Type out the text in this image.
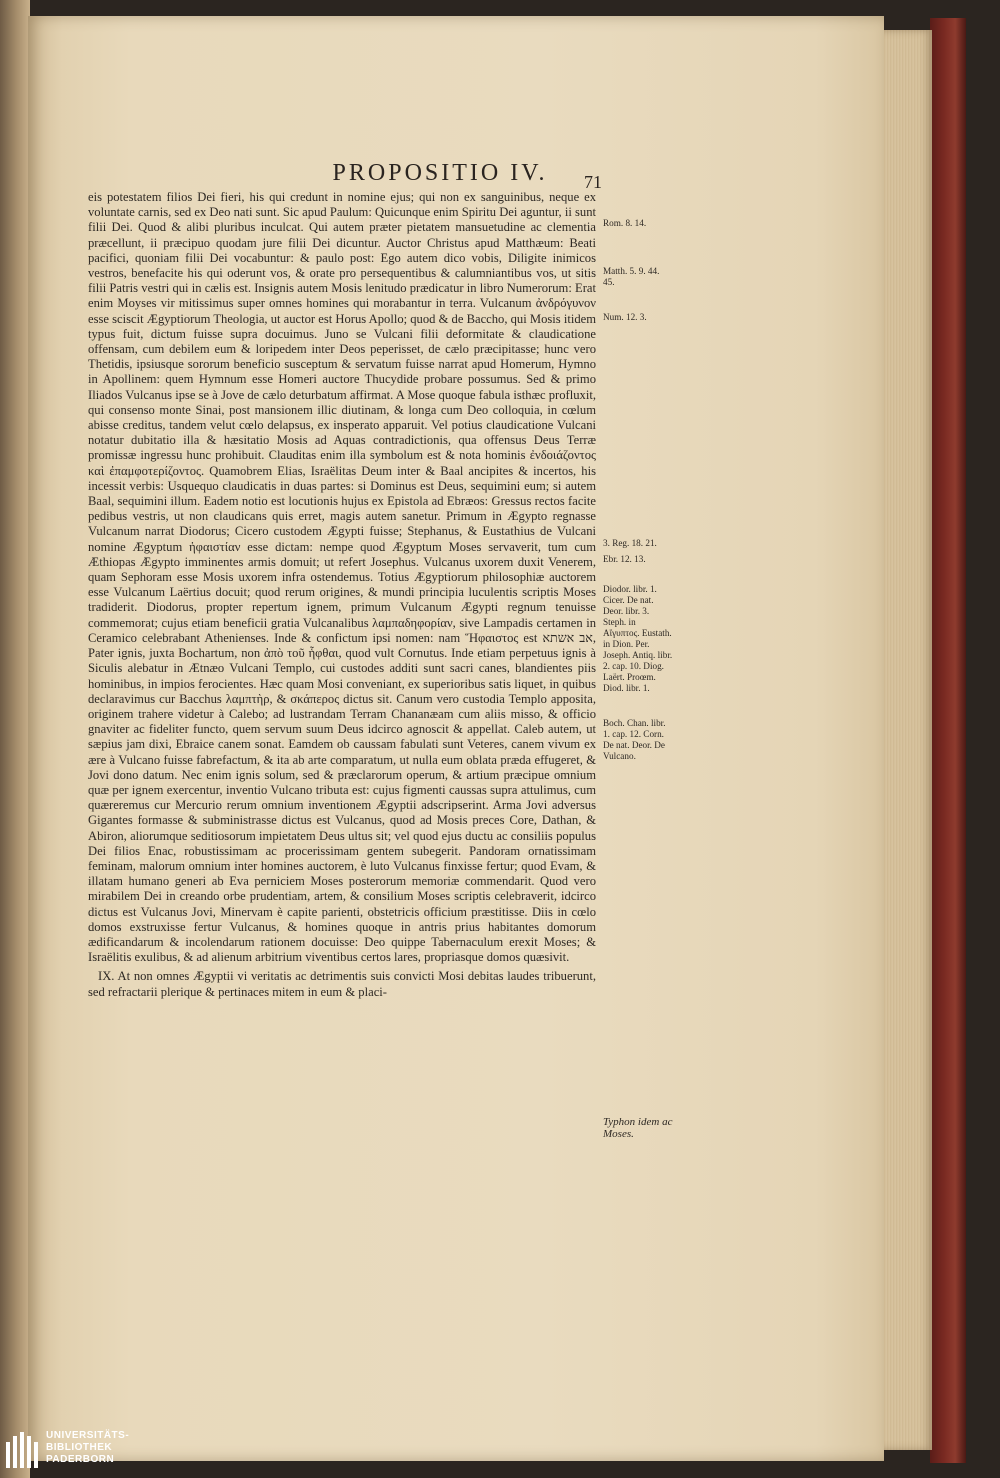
PROPOSITIO IV.	71

eis potestatem filios Dei fieri, his qui credunt in nomine ejus; qui non ex sanguinibus, neque ex voluntate carnis, sed ex Deo nati sunt. Sic apud Paulum: Quicunque enim Spiritu Dei aguntur, ii sunt filii Dei. Quod & alibi pluribus inculcat. Qui autem præter pietatem mansuetudine ac clementia præcellunt, ii præcipuo quodam jure filii Dei dicuntur. Auctor Christus apud Matthæum: Beati pacifici, quoniam filii Dei vocabuntur: & paulo post: Ego autem dico vobis, Diligite inimicos vestros, benefacite his qui oderunt vos, & orate pro persequentibus & calumniantibus vos, ut sitis filii Patris vestri qui in cælis est. Insignis autem Mosis lenitudo prædicatur in libro Numerorum: Erat enim Moyses vir mitissimus super omnes homines qui morabantur in terra. Vulcanum ἀνδρόγυνον esse sciscit Ægyptiorum Theologia, ut auctor est Horus Apollo; quod & de Baccho, qui Mosis itidem typus fuit, dictum fuisse supra docuimus. Juno se Vulcani filii deformitate & claudicatione offensam, cum debilem eum & loripedem inter Deos peperisset, de cælo præcipitasse; hunc vero Thetidis, ipsiusque sororum beneficio susceptum & servatum fuisse narrat apud Homerum, Hymno in Apollinem: quem Hymnum esse Homeri auctore Thucydide probare possumus. Sed & primo Iliados Vulcanus ipse se à Jove de cælo deturbatum affirmat. A Mose quoque fabula isthæc profluxit, qui consenso monte Sinai, post mansionem illic diutinam, & longa cum Deo colloquia, in cœlum abisse creditus, tandem velut cœlo delapsus, ex insperato apparuit. Vel potius claudicatione Vulcani notatur dubitatio illa & hæsitatio Mosis ad Aquas contradictionis, qua offensus Deus Terræ promissæ ingressu hunc prohibuit. Clauditas enim illa symbolum est & nota hominis ἐνδοιάζοντος καὶ ἐπαμφοτερίζοντος. Quamobrem Elias, Israëlitas Deum inter & Baal ancipites & incertos, his incessit verbis: Usquequo claudicatis in duas partes: si Dominus est Deus, sequimini eum; si autem Baal, sequimini illum. Eadem notio est locutionis hujus ex Epistola ad Ebræos: Gressus rectos facite pedibus vestris, ut non claudicans quis erret, magis autem sanetur. Primum in Ægypto regnasse Vulcanum narrat Diodorus; Cicero custodem Ægypti fuisse; Stephanus, & Eustathius de Vulcani nomine Ægyptum ἡφαιστίαν esse dictam: nempe quod Ægyptum Moses servaverit, tum cum Æthiopas Ægypto imminentes armis domuit; ut refert Josephus. Vulcanus uxorem duxit Venerem, quam Sephoram esse Mosis uxorem infra ostendemus. Totius Ægyptiorum philosophiæ auctorem esse Vulcanum Laërtius docuit; quod rerum origines, & mundi principia luculentis scriptis Moses tradiderit. Diodorus, propter repertum ignem, primum Vulcanum Ægypti regnum tenuisse commemorat; cujus etiam beneficii gratia Vulcanalibus λαμπαδηφορίαν, sive Lampadis certamen in Ceramico celebrabant Athenienses. Inde & confictum ipsi nomen: nam Ἥφαιστος est אב אשתא, Pater ignis, juxta Bochartum, non ἀπὸ τοῦ ἧφθαι, quod vult Cornutus. Inde etiam perpetuus ignis à Siculis alebatur in Ætnæo Vulcani Templo, cui custodes additi sunt sacri canes, blandientes piis hominibus, in impios ferocientes. Hæc quam Mosi conveniant, ex superioribus satis liquet, in quibus declaravimus cur Bacchus λαμπτὴρ, & σκάπερος dictus sit. Canum vero custodia Templo apposita, originem trahere videtur à Calebo; ad lustrandam Terram Chananæam cum aliis misso, & officio gnaviter ac fideliter functo, quem servum suum Deus idcirco agnoscit & appellat. Caleb autem, ut sæpius jam dixi, Ebraice canem sonat. Eamdem ob caussam fabulati sunt Veteres, canem vivum ex ære à Vulcano fuisse fabrefactum, & ita ab arte comparatum, ut nulla eum oblata præda effugeret, & Jovi dono datum. Nec enim ignis solum, sed & præclarorum operum, & artium præcipue omnium quæ per ignem exercentur, inventio Vulcano tributa est: cujus figmenti caussas supra attulimus, cum quæreremus cur Mercurio rerum omnium inventionem Ægyptii adscripserint. Arma Jovi adversus Gigantes formasse & subministrasse dictus est Vulcanus, quod ad Mosis preces Core, Dathan, & Abiron, aliorumque seditiosorum impietatem Deus ultus sit; vel quod ejus ductu ac consiliis populus Dei filios Enac, robustissimam ac procerissimam gentem subegerit. Pandoram ornatissimam feminam, malorum omnium inter homines auctorem, è luto Vulcanus finxisse fertur; quod Evam, & illatam humano generi ab Eva perniciem Moses posterorum memoriæ commendarit. Quod vero mirabilem Dei in creando orbe prudentiam, artem, & consilium Moses scriptis celebraverit, idcirco dictus est Vulcanus Jovi, Minervam è capite parienti, obstetricis officium præstitisse. Diis in cœlo domos exstruxisse fertur Vulcanus, & homines quoque in antris prius habitantes domorum ædificandarum & incolendarum rationem docuisse: Deo quippe Tabernaculum erexit Moses; & Israëlitis exulibus, & ad alienum arbitrium viventibus certos lares, propriasque domos quæsivit.

IX. At non omnes Ægyptii vi veritatis ac detrimentis suis convicti Mosi debitas laudes tribuerunt, sed refractarii plerique & pertinaces mitem in eum & placi-

Rom. 8. 14.
Matth. 5. 9. 44. 45.
Num. 12. 3.
3. Reg. 18. 21.
Ebr. 12. 13.
Diodor. libr. 1. Cicer. De nat. Deor. libr. 3. Steph. in Αἴγυπτος. Eustath. in Dion. Per. Joseph. Antiq. libr. 2. cap. 10. Diog. Laërt. Proœm. Diod. libr. 1.
Boch. Chan. libr. 1. cap. 12. Corn. De nat. Deor. De Vulcano.
Typhon idem ac Moses.
UNIVERSITÄTS-
BIBLIOTHEK
PADERBORN
